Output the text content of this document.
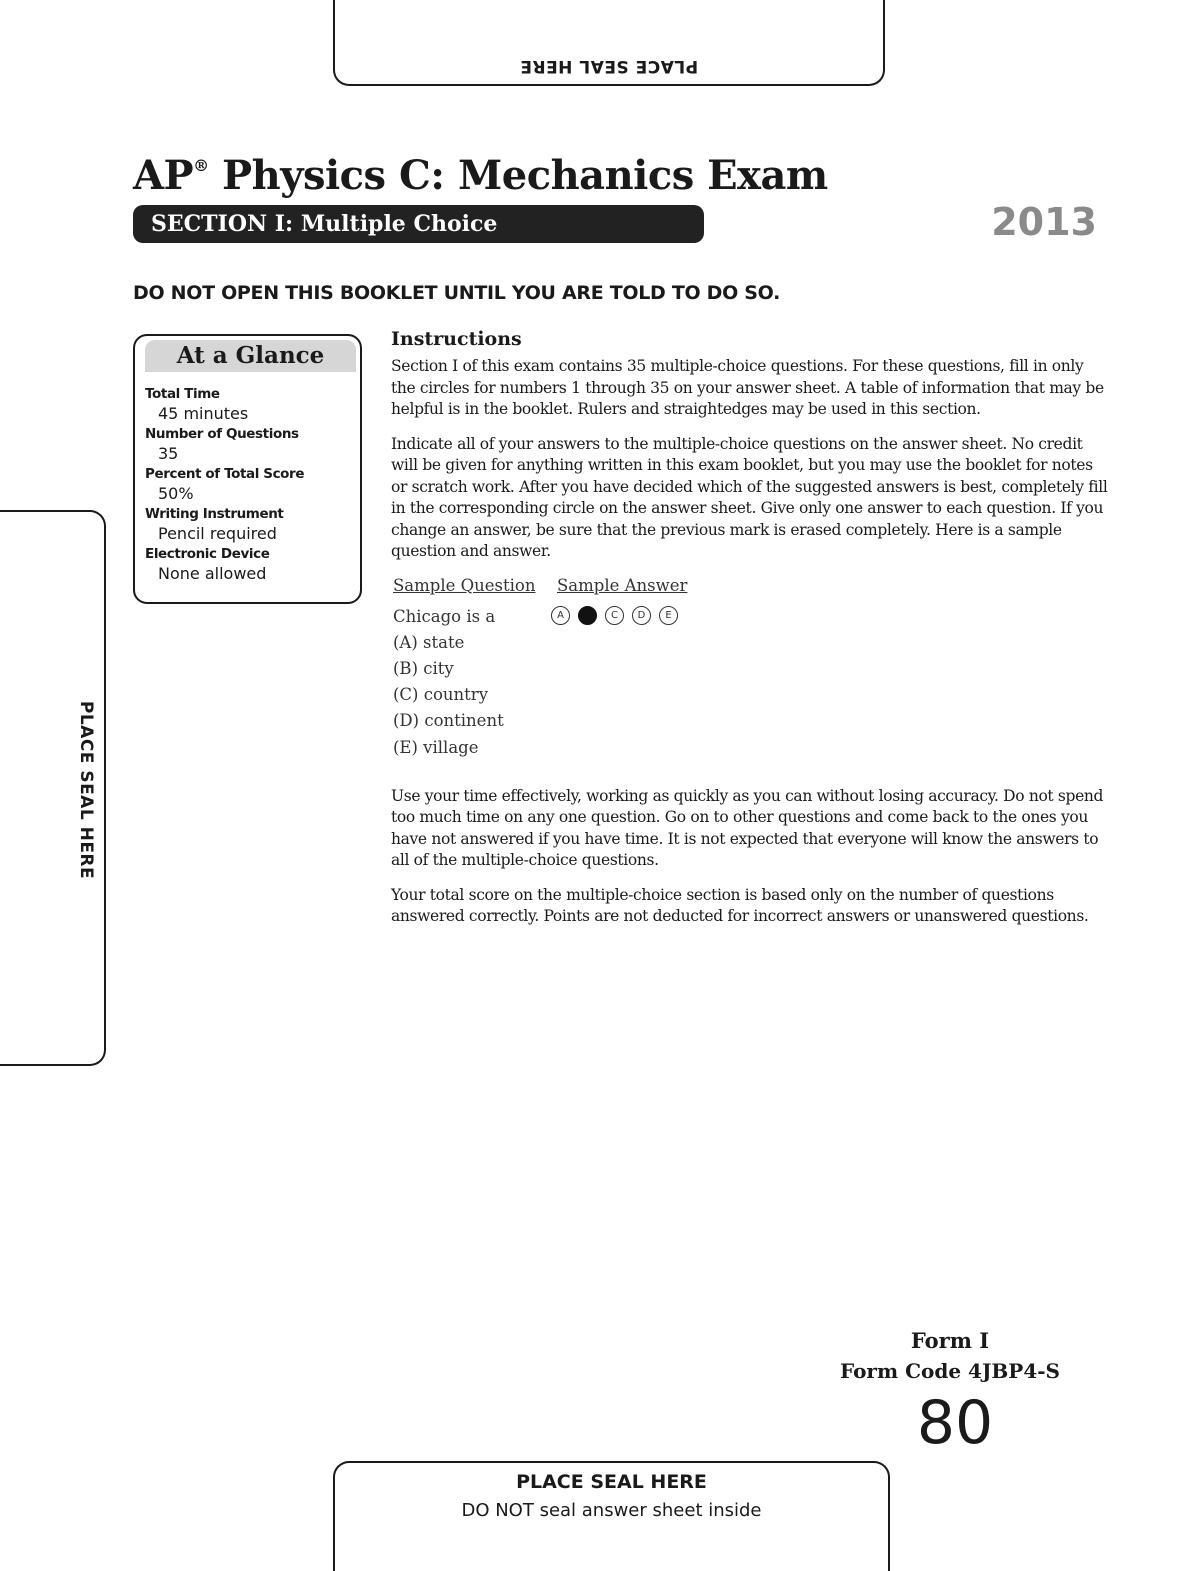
PLACE SEAL HERE
PLACE SEAL HERE
AP® Physics C: Mechanics Exam
SECTION I: Multiple Choice	2013
DO NOT OPEN THIS BOOKLET UNTIL YOU ARE TOLD TO DO SO.
At a Glance
Total Time
45 minutes
Number of Questions
35
Percent of Total Score
50%
Writing Instrument
Pencil required
Electronic Device
None allowed
Instructions

Section I of this exam contains 35 multiple-choice questions. For these questions, fill in only the circles for numbers 1 through 35 on your answer sheet. A table of information that may be helpful is in the booklet. Rulers and straightedges may be used in this section.

Indicate all of your answers to the multiple-choice questions on the answer sheet. No credit will be given for anything written in this exam booklet, but you may use the booklet for notes or scratch work. After you have decided which of the suggested answers is best, completely fill in the corresponding circle on the answer sheet. Give only one answer to each question. If you change an answer, be sure that the previous mark is erased completely. Here is a sample question and answer.

Sample Question Sample Answer
Chicago is a
(A) state
(B) city
(C) country
(D) continent
(E) village
A	C	D	E

Use your time effectively, working as quickly as you can without losing accuracy. Do not spend too much time on any one question. Go on to other questions and come back to the ones you have not answered if you have time. It is not expected that everyone will know the answers to all of the multiple-choice questions.

Your total score on the multiple-choice section is based only on the number of questions answered correctly. Points are not deducted for incorrect answers or unanswered questions.

Form I
Form Code 4JBP4-S
80
PLACE SEAL HERE
DO NOT seal answer sheet inside
